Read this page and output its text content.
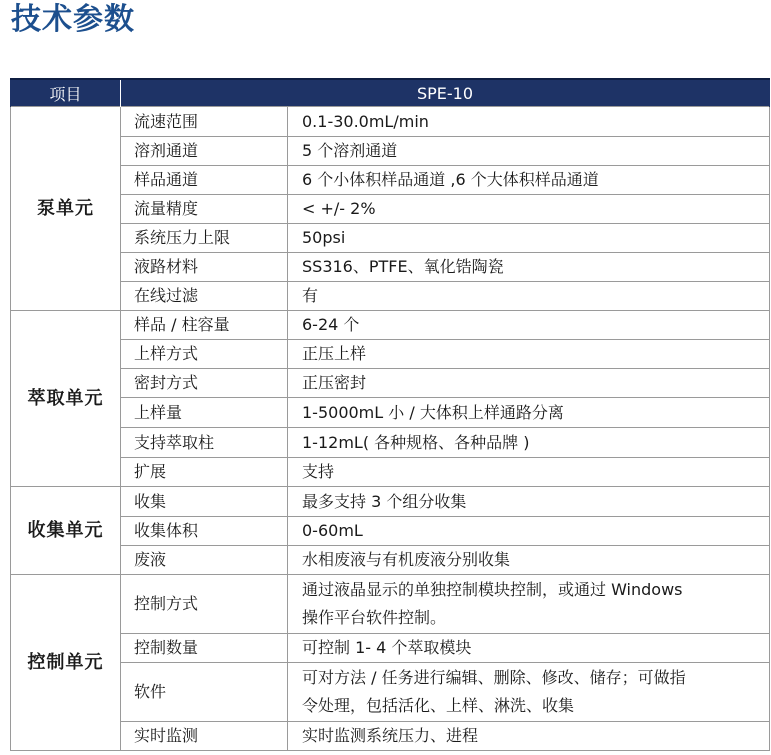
技术参数
项目	SPE-10	
泵单元	流速范围	0.1-30.0mL/min
	溶剂通道	5 个溶剂通道
	样品通道	6 个小体积样品通道 ,6 个大体积样品通道
	流量精度	< +/- 2%
	系统压力上限	50psi
	液路材料	SS316、PTFE、氧化锆陶瓷
	在线过滤	有
萃取单元	样品 / 柱容量	6-24 个
	上样方式	正压上样
	密封方式	正压密封
	上样量	1-5000mL 小 / 大体积上样通路分离
	支持萃取柱	1-12mL( 各种规格、各种品牌 )
	扩展	支持
收集单元	收集	最多支持 3 个组分收集
	收集体积	0-60mL
	废液	水相废液与有机废液分别收集
控制单元	控制方式	通过液晶显示的单独控制模块控制，或通过 Windows
操作平台软件控制。

	控制数量	可控制 1- 4 个萃取模块
	软件	可对方法 / 任务进行编辑、删除、修改、储存；可做指
令处理，包括活化、上样、淋洗、收集

	实时监测	实时监测系统压力、进程
